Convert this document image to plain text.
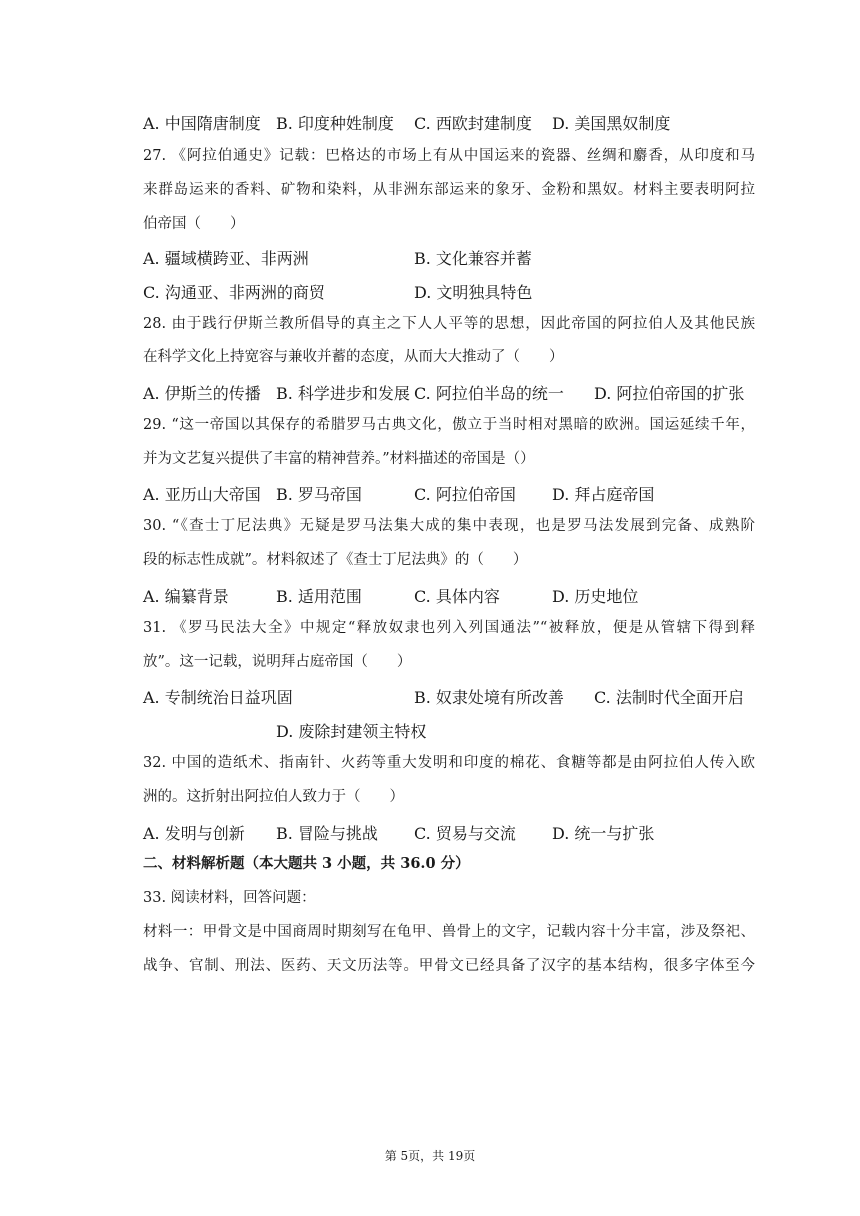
A. 中国隋唐制度 B. 印度种姓制度 C. 西欧封建制度 D. 美国黑奴制度
27. 《阿拉伯通史》记载：巴格达的市场上有从中国运来的瓷器、丝绸和麝香，从印度和马
来群岛运来的香料、矿物和染料，从非洲东部运来的象牙、金粉和黑奴。材料主要表明阿拉
伯帝国（　　）
A. 疆域横跨亚、非两洲	B. 文化兼容并蓄
C. 沟通亚、非两洲的商贸	D. 文明独具特色
28. 由于践行伊斯兰教所倡导的真主之下人人平等的思想，因此帝国的阿拉伯人及其他民族
在科学文化上持宽容与兼收并蓄的态度，从而大大推动了（　　）
A. 伊斯兰的传播 B. 科学进步和发展 C. 阿拉伯半岛的统一 D. 阿拉伯帝国的扩张
29. “这一帝国以其保存的希腊罗马古典文化，傲立于当时相对黑暗的欧洲。国运延续千年，
并为文艺复兴提供了丰富的精神营养。”材料描述的帝国是（）
A. 亚历山大帝国 B. 罗马帝国	C. 阿拉伯帝国 D. 拜占庭帝国
30. “《查士丁尼法典》无疑是罗马法集大成的集中表现，也是罗马法发展到完备、成熟阶
段的标志性成就”。材料叙述了《查士丁尼法典》的（　　）
A. 编纂背景	B. 适用范围	C. 具体内容	D. 历史地位
31. 《罗马民法大全》中规定“释放奴隶也列入列国通法”“被释放，便是从管辖下得到释
放”。这一记载，说明拜占庭帝国（　　）
A. 专制统治日益巩固	B. 奴隶处境有所改善 C. 法制时代全面开启
D. 废除封建领主特权
32. 中国的造纸术、指南针、火药等重大发明和印度的棉花、食糖等都是由阿拉伯人传入欧
洲的。这折射出阿拉伯人致力于（　　）
A. 发明与创新 B. 冒险与挑战 C. 贸易与交流 D. 统一与扩张
二、材料解析题（本大题共 3 小题，共 36.0 分）
33. 阅读材料，回答问题：
材料一：甲骨文是中国商周时期刻写在龟甲、兽骨上的文字，记载内容十分丰富，涉及祭祀、
战争、官制、刑法、医药、天文历法等。甲骨文已经具备了汉字的基本结构，很多字体至今
第 5页，共 19页
